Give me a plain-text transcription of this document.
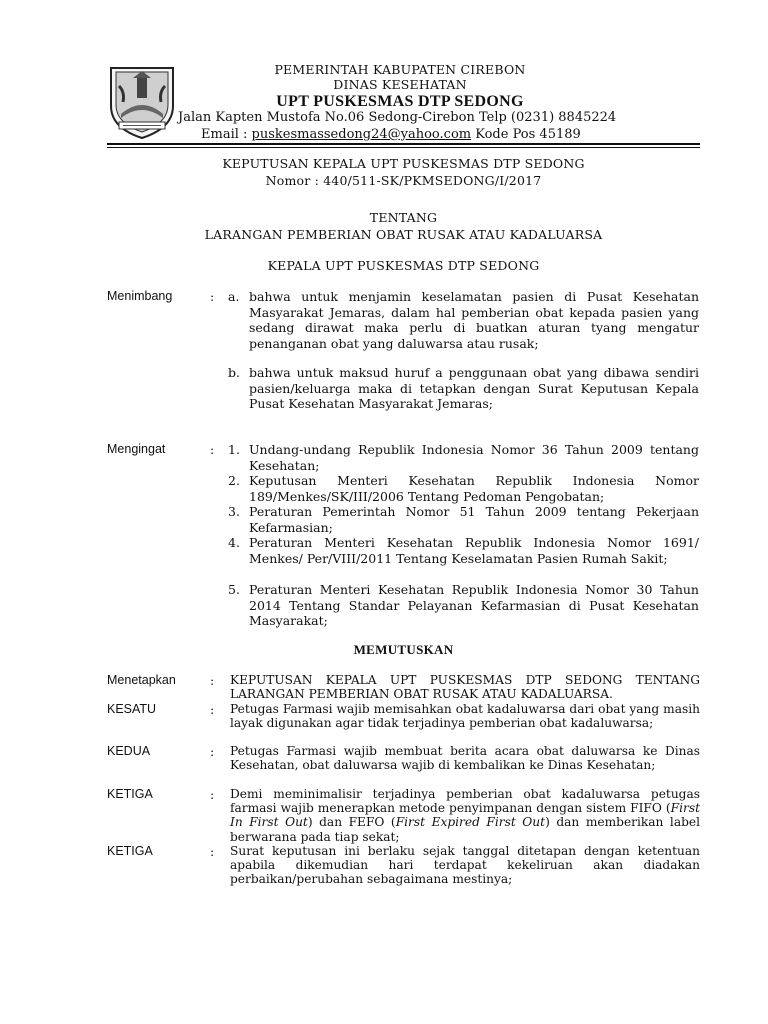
PEMERINTAH KABUPATEN CIREBON
DINAS KESEHATAN
UPT PUSKESMAS DTP SEDONG
Jalan Kapten Mustofa No.06 Sedong-Cirebon Telp (0231) 8845224
Email : puskesmassedong24@yahoo.com Kode Pos 45189
KEPUTUSAN KEPALA UPT PUSKESMAS DTP SEDONG
Nomor : 440/511-SK/PKMSEDONG/I/2017
TENTANG
LARANGAN PEMBERIAN OBAT RUSAK ATAU KADALUARSA
KEPALA UPT PUSKESMAS DTP SEDONG
Menimbang	: a. bahwa untuk menjamin keselamatan pasien di Pusat Kesehatan Masyarakat Jemaras, dalam hal pemberian obat kepada pasien yang sedang dirawat maka perlu di buatkan aturan tyang mengatur penanganan obat yang daluwarsa atau rusak;
b. bahwa untuk maksud huruf a penggunaan obat yang dibawa sendiri pasien/keluarga maka di tetapkan dengan Surat Keputusan Kepala Pusat Kesehatan Masyarakat Jemaras;
Mengingat	: 1. Undang-undang Republik Indonesia Nomor 36 Tahun 2009 tentang Kesehatan;
2. Keputusan Menteri Kesehatan Republik Indonesia Nomor 189/Menkes/SK/III/2006 Tentang Pedoman Pengobatan;
3. Peraturan Pemerintah Nomor 51 Tahun 2009 tentang Pekerjaan Kefarmasian;
4. Peraturan Menteri Kesehatan Republik Indonesia Nomor 1691/ Menkes/ Per/VIII/2011 Tentang Keselamatan Pasien Rumah Sakit;
5. Peraturan Menteri Kesehatan Republik Indonesia Nomor 30 Tahun 2014 Tentang Standar Pelayanan Kefarmasian di Pusat Kesehatan Masyarakat;
MEMUTUSKAN
Menetapkan	: KEPUTUSAN KEPALA UPT PUSKESMAS DTP SEDONG TENTANG LARANGAN PEMBERIAN OBAT RUSAK ATAU KADALUARSA.
KESATU	: Petugas Farmasi wajib memisahkan obat kadaluwarsa dari obat yang masih layak digunakan agar tidak terjadinya pemberian obat kadaluwarsa;
KEDUA	: Petugas Farmasi wajib membuat berita acara obat daluwarsa ke Dinas Kesehatan, obat daluwarsa wajib di kembalikan ke Dinas Kesehatan;
KETIGA	: Demi meminimalisir terjadinya pemberian obat kadaluwarsa petugas farmasi wajib menerapkan metode penyimpanan dengan sistem FIFO (First In First Out) dan FEFO (First Expired First Out) dan memberikan label berwarana pada tiap sekat;
KETIGA	: Surat keputusan ini berlaku sejak tanggal ditetapan dengan ketentuan apabila dikemudian hari terdapat kekeliruan akan diadakan perbaikan/perubahan sebagaimana mestinya;
